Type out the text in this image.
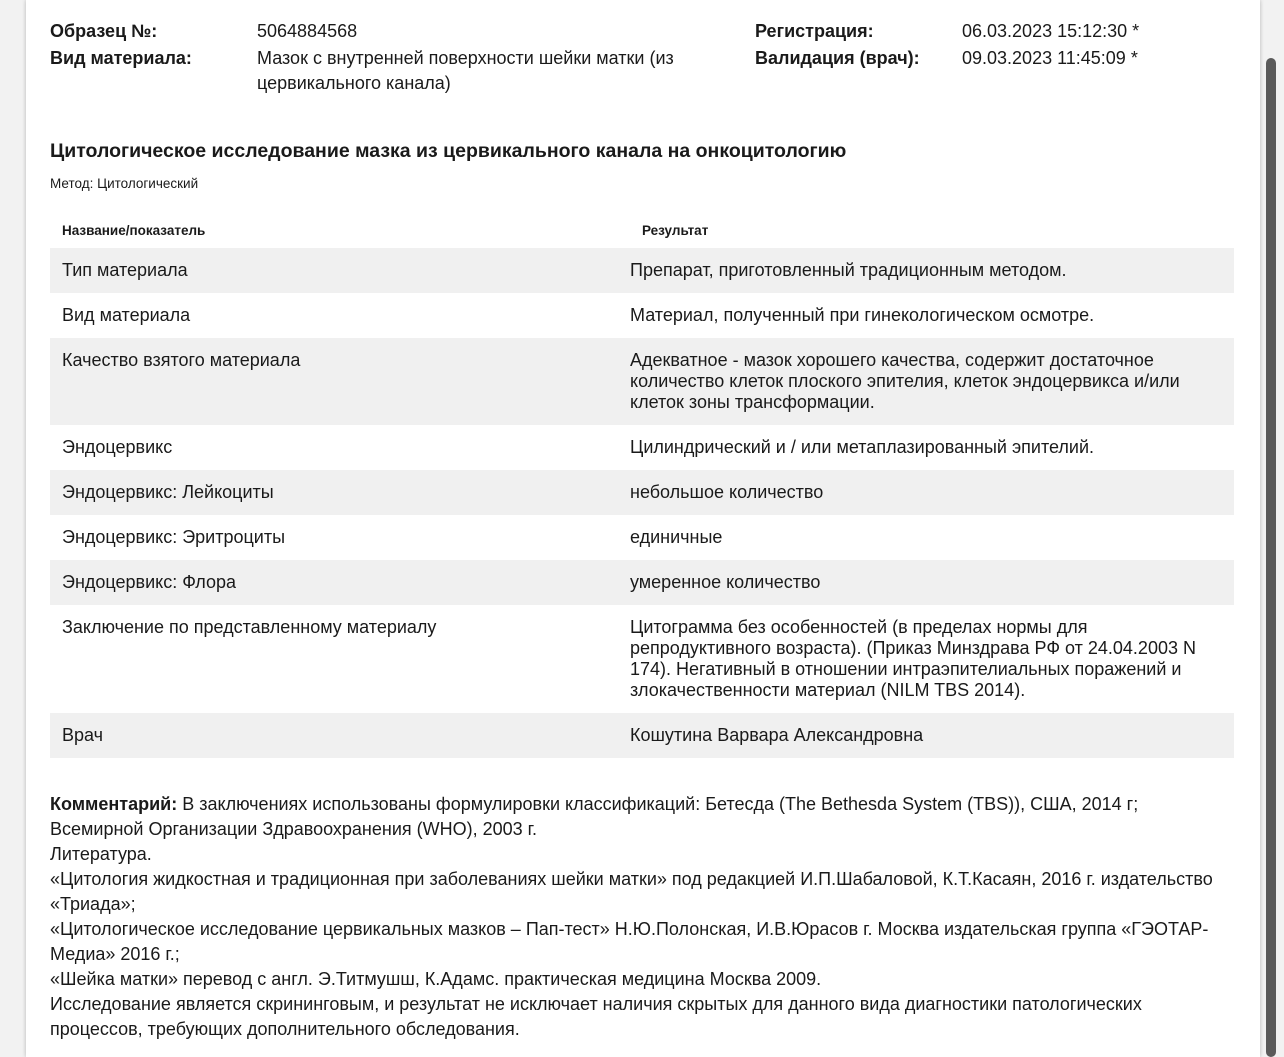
Образец №:	5064884568
Вид материала:	Мазок с внутренней поверхности шейки матки (из цервикального канала)
Регистрация:	06.03.2023 15:12:30 *
Валидация (врач): 09.03.2023 11:45:09 *
Цитологическое исследование мазка из цервикального канала на онкоцитологию
Метод: Цитологический
Название/показатель	Результат
Тип материала	Препарат, приготовленный традиционным методом.
Вид материала	Материал, полученный при гинекологическом осмотре.
Качество взятого материала	Адекватное - мазок хорошего качества, содержит достаточное количество клеток плоского эпителия, клеток эндоцервикса и/или клеток зоны трансформации.
Эндоцервикс	Цилиндрический и / или метаплазированный эпителий.
Эндоцервикс: Лейкоциты	небольшое количество
Эндоцервикс: Эритроциты	единичные
Эндоцервикс: Флора	умеренное количество
Заключение по представленному материалу	Цитограмма без особенностей (в пределах нормы для репродуктивного возраста). (Приказ Минздрава РФ от 24.04.2003 N 174). Негативный в отношении интраэпителиальных поражений и злокачественности материал (NILM TBS 2014).
Врач	Кошутина Варвара Александровна

Комментарий: В заключениях использованы формулировки классификаций: Бетесда (The Bethesda System (TBS)), США, 2014 г; Всемирной Организации Здравоохранения (WHO), 2003 г.

Литература.

«Цитология жидкостная и традиционная при заболеваниях шейки матки» под редакцией И.П.Шабаловой, К.Т.Касаян, 2016 г. издательство «Триада»;

«Цитологическое исследование цервикальных мазков – Пап-тест» Н.Ю.Полонская, И.В.Юрасов г. Москва издательская группа «ГЭОТАР-Медиа» 2016 г.;

«Шейка матки» перевод с англ. Э.Титмушш, К.Адамс. практическая медицина Москва 2009.

Исследование является скрининговым, и результат не исключает наличия скрытых для данного вида диагностики патологических процессов, требующих дополнительного обследования.
